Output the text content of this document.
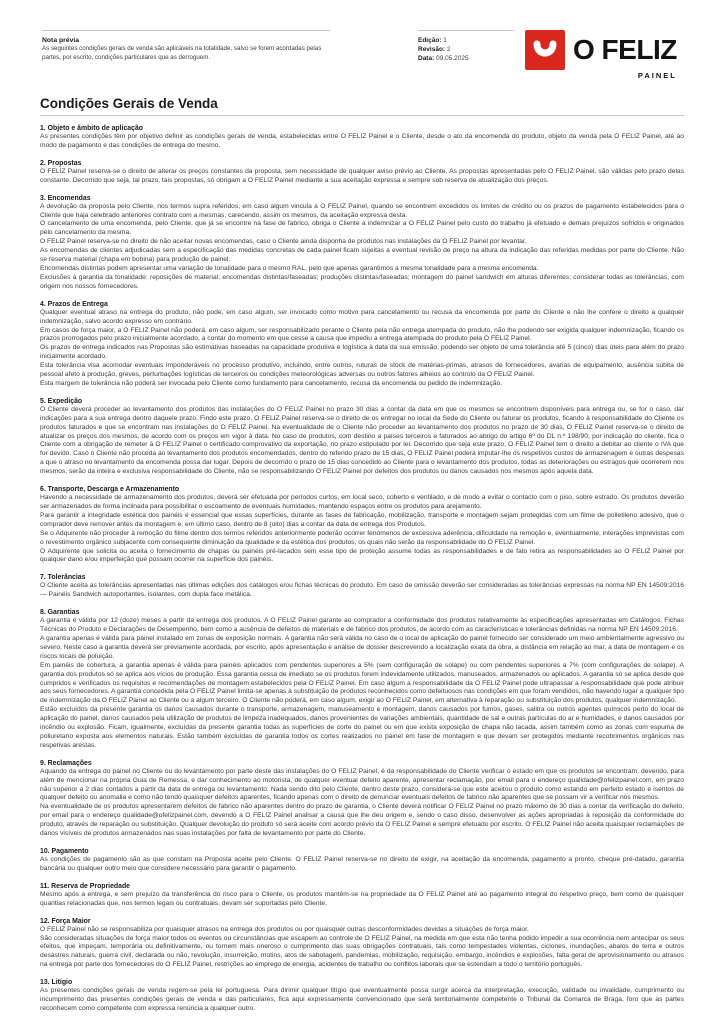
Nota prévia
As seguintes condições gerais de venda são aplicáveis na totalidade, salvo se forem acordadas pelas partes, por escrito, condições particulares que as derroguem.
Edição: 1
Revisão: 2
Data: 09.05.2025	O FELIZ
PAINEL
Condições Gerais de Venda
1. Objeto e âmbito de aplicação

As presentes condições têm por objetivo definir as condições gerais de venda, estabelecidas entre O FELIZ Painel e o Cliente, desde o ato da encomenda do produto, objeto da venda pela O FELIZ Painel, até ao modo de pagamento e das condições de entrega do mesmo.

2. Propostas

O FELIZ Painel reserva-se o direito de alterar os preços constantes da proposta, sem necessidade de qualquer aviso prévio ao Cliente. As propostas apresentadas pelo O FELIZ Painel, são válidas pelo prazo delas constante. Decorrido que seja, tal prazo, tais propostas, só obrigam a O FELIZ Painel mediante a sua aceitação expressa e sempre sob reserva de atualização dos preços.

3. Encomendas

A devolução da proposta pelo Cliente, nos termos supra referidos, em caso algum vincula a O FELIZ Painel, quando se encontrem excedidos os limites de crédito ou os prazos de pagamento estabelecidos para o Cliente que haja celebrado anteriores contrato com a mesmas, carecendo, assim os mesmos, da aceitação expressa desta.

O cancelamento de uma encomenda, pelo Cliente, que já se encontre na fase de fabrico, obriga o Cliente a indemnizar a O FELIZ Painel pelo custo do trabalho já efetuado e demais prejuízos sofridos e originados pelo cancelamento da mesma.

O FELIZ Painel reserva-se no direito de não aceitar novas encomendas, caso o Cliente ainda disponha de produtos nas instalações da O FELIZ Painel por levantar.

As encomendas de clientes adjudicadas sem a especificação das medidas concretas de cada painel ficam sujeitas a eventual revisão de preço na altura da indicação das referidas medidas por parte do Cliente. Não se reserva material (chapa em bobina) para produção de painel.

Encomendas distintas podem apresentar uma variação de tonalidade para o mesmo RAL, pelo que apenas garantimos a mesma tonalidade para a mesma encomenda.

Exclusões à garantia da tonalidade: reposições de material; encomendas distintas/faseadas; produções distintas/faseadas; montagem do painel sandwich em alturas diferentes; considerar todas as tolerâncias, com origem nos nossos fornecedores.

4. Prazos de Entrega

Qualquer eventual atraso na entrega do produto, não pode, em caso algum, ser invocado como motivo para cancelamento ou recusa da encomenda por parte do Cliente e não lhe confere o direito a qualquer indemnização, salvo acordo expresso em contrário.

Em casos de força maior, a O FELIZ Painel não poderá, em caso algum, ser responsabilizado perante o Cliente pela não entrega atempada do produto, não lhe podendo ser exigida qualquer indemnização, ficando os prazos prorrogados pelo prazo inicialmente acordado, a contar do momento em que cesse a causa que impediu a entrega atempada do produto pela O FELIZ Painel.

Os prazos de entrega indicados nas Propostas são estimativas baseadas na capacidade produtiva e logística à data da sua emissão, podendo ser objeto de uma tolerância até 5 (cinco) dias úteis para além do prazo inicialmente acordado.

Esta tolerância visa acomodar eventuais imponderáveis no processo produtivo, incluindo, entre outros, ruturas de stock de matérias-primas, atrasos de fornecedores, avarias de equipamento, ausência súbita de pessoal afeto à produção, greves, perturbações logísticas de terceiros ou condições meteorológicas adversas ou outros fatores alheios ao controlo da O FELIZ Painel.

Esta margem de tolerância não poderá ser invocada pelo Cliente como fundamento para cancelamento, recusa da encomenda ou pedido de indemnização.

5. Expedição

O Cliente deverá proceder ao levantamento dos produtos das instalações do O FELIZ Painel no prazo 30 dias a contar da data em que os mesmos se encontrem disponíveis para entrega ou, se for o caso, dar indicações para a sua entrega dentro daquele prazo. Findo este prazo, O FELIZ Painel reserva-se o direito de os entregar no local da Sede do Cliente ou faturar os produtos, ficando à responsabilidade do Cliente os produtos faturados e que se encontram nas instalações do O FELIZ Painel. Na eventualidade de o Cliente não proceder ao levantamento dos produtos no prazo de 30 dias, O FELIZ Painel reserva-se o direito de atualizar os preços dos mesmos, de acordo com os preços em vigor à data. No caso de produtos, com destino a países terceiros e faturados ao abrigo do artigo 6º do DL n.º 198/90, por indicação do cliente, fica o Cliente com a obrigação de remeter à O FELIZ Painel o certificado comprovativo da exportação, no prazo estipulado por lei. Decorrido que seja este prazo, O FELIZ Painel tem o direito a debitar ao cliente o IVA que for devido. Caso o Cliente não proceda ao levantamento dos produtos encomendados, dentro do referido prazo de 15 dias, O FELIZ Painel poderá imputar-lhe os respetivos custos de armazenagem e outras despesas a que o atraso no levantamento da encomenda possa dar lugar. Depois de decorrido o prazo de 15 dias concedido ao Cliente para o levantamento dos produtos, todas as deteriorações ou estragos que ocorrerem nos mesmos, serão da inteira e exclusiva responsabilidade do Cliente, não se responsabilizando O FELIZ Painel por defeitos dos produtos ou danos causados nos mesmos após aquela data.

6. Transporte, Descarga e Armazenamento

Havendo a necessidade de armazenamento dos produtos, deverá ser efetuada por períodos curtos, em local seco, coberto e ventilado, e de modo a evitar o contacto com o piso, sobre estrado. Os produtos deverão ser armazenados de forma inclinada para possibilitar o escoamento de eventuais humidades, mantendo espaços entre os produtos para arejamento.

Para garantir a integridade estética dos painéis é essencial que essas superfícies, durante as fases de fabricação, mobilização, transporte e montagem sejam protegidas com um filme de polietileno adesivo, que o comprador deve remover antes da montagem e, em último caso, dentro de 8 (oito) dias a contar da data de entrega dos Produtos.

Se o Adquirente não proceder à remoção do filme dentro dos termos referidos anteriormente poderão ocorrer fenómenos de excessiva aderência, dificuldade na remoção e, eventualmente, interações imprevistas com o revestimento orgânico subjacente com consequente diminuição da qualidade e da estética dos produtos, os quais não serão da responsabilidade do O FELIZ Painel.

O Adquirente que solicita ou aceita o fornecimento de chapas ou painéis pré-lacados sem esse tipo de proteção assume todas as responsabilidades e de fato retira as responsabilidades ao O FELIZ Painel por qualquer dano e/ou imperfeição que possam ocorrer na superfície dos painéis.

7. Tolerâncias

O Cliente aceita as tolerâncias apresentadas nas últimas edições dos catálogos e/ou fichas técnicas do produto. Em caso de omissão deverão ser consideradas as tolerâncias expressas na norma NP EN 14509:2016 — Painéis Sandwich autoportantes, isolantes, com dupla face metálica.

8. Garantias

A garantia é válida por 12 (doze) meses a partir da entrega dos produtos. A O FELIZ Painel garante ao comprador a conformidade dos produtos relativamente às especificações apresentadas em Catálogos, Fichas Técnicas do Produto e Declarações de Desempenho, bem como a ausência de defeitos de materiais e de fabrico dos produtos, de acordo com as características e tolerâncias definidas na norma NP EN 14509:2016.

A garantia apenas é válida para painel instalado em zonas de exposição normais. A garantia não será válida no caso de o local de aplicação do painel fornecido ser considerado um meio ambientalmente agressivo ou severo. Neste caso a garantia deverá ser previamente acordada, por escrito, após apresentação e análise de dossier descrevendo a localização exata da obra, a distância em relação ao mar, a data de montagem e os riscos locais de poluição.

Em painéis de cobertura, a garantia apenas é válida para painéis aplicados com pendentes superiores a 5% (sem configuração de solape) ou com pendentes superiores a 7% (com configurações de solape). A garantia dos produtos só se aplica aos vícios de produção. Essa garantia cessa de imediato se os produtos forem indevidamente utilizados, manuseados, armazenados ou aplicados. A garantia só se aplica desde que cumpridos e verificados os requisitos e recomendações de montagem estabelecidos pela O FELIZ Painel. Em caso algum a responsabilidade da O FELIZ Painel pode ultrapassar a responsabilidade que pode atribuir aos seus fornecedores. A garantia concedida pela O FELIZ Painel limita-se apenas à substituição de produtos reconhecidos como defeituosos nas condições em que foram vendidos, não havendo lugar a qualquer tipo de indemnização da O FELIZ Painel ao Cliente ou a algum terceiro. O Cliente não poderá, em caso algum, exigir ao O FELIZ Painel, em alternativa à reparação ou substituição dos produtos, qualquer indemnização.

Estão excluídos da presente garantia os danos causados durante o transporte, armazenagem, manuseamento e montagem, danos causados por fumos, gases, salitra ou outros agentes químicos perto do local de aplicação do painel, danos causados pela utilização de produtos de limpeza inadequados, danos provenientes de variações ambientais, quantidade de sal e outras partículas do ar e humidades, e danos causados por incêndio ou explosão. Ficam, igualmente, excluídas da presente garantia todas as superfícies de corte do painel ou em que exista exposição de chapa não lacada, assim também como as zonas com espuma de poliuretano exposta aos elementos naturais. Estão também excluídas de garantia todos os cortes realizados no painel em fase de montagem e que devam ser protegidos mediante recobrimentos orgânicos nas respetivas arestas.

9. Reclamações

Aquando da entrega do painel no Cliente ou do levantamento por parte deste das instalações do O FELIZ Painel, é da responsabilidade do Cliente verificar o estado em que os produtos se encontram, devendo, para além de mencionar na própria Guia de Remessa, e dar conhecimento ao motorista, de qualquer eventual defeito aparente, apresentar reclamação, por email para o endereço qualidade@ofelizpainel.com, em prazo não superior a 2 dias contados a partir da data de entrega ou levantamento. Nada sendo dito pelo Cliente, dentro deste prazo, considera-se que este aceitou o produto como estando em perfeito estado e isentos de qualquer defeito ou anomalia e como não tendo quaisquer defeitos aparentes, ficando apenas com o direito de denunciar eventuais defeitos de fabrico não aparentes que se possam vir a verificar nos mesmos.

Na eventualidade de os produtos apresentarem defeitos de fabrico não aparentes dentro do prazo de garantia, o Cliente deverá notificar O FELIZ Painel no prazo máximo de 30 dias a contar da verificação do defeito, por email para o endereço qualidade@ofelizpainel.com, devendo a O FELIZ Painel analisar a causa que lhe deu origem e, sendo o caso disso, desenvolver as ações apropriadas à reposição da conformidade do produto, através de reparação ou substituição. Qualquer devolução do produto só será aceite com acordo prévio da O FELIZ Painel e sempre efetuado por escrito. O FELIZ Painel não aceita quaisquer reclamações de danos visíveis de produtos armazenados nas suas instalações por falta de levantamento por parte do Cliente.

10. Pagamento

As condições de pagamento são as que constam na Proposta aceite pelo Cliente. O FELIZ Painel reserva-se no direito de exigir, na aceitação da encomenda, pagamento a pronto, cheque pré-datado, garantia bancária ou qualquer outro meio que considere necessário para garantir o pagamento.

11. Reserva de Propriedade

Mesmo após a entrega, e sem prejuízo da transferência do risco para o Cliente, os produtos mantêm-se na propriedade da O FELIZ Painel até ao pagamento integral do respetivo preço, bem como de quaisquer quantias relacionadas que, nos termos legais ou contratuais, devam ser suportadas pelo Cliente.

12. Força Maior

O FELIZ Painel não se responsabiliza por quaisquer atrasos na entrega dos produtos ou por quaisquer outras desconformidades devidas a situações de força maior.

São consideradas situações de força maior todos os eventos ou circunstâncias que escapem ao controle de O FELIZ Painel, na medida em que esta não tenha podido impedir a sua ocorrência nem antecipar os seus efeitos, que impeçam, temporária ou definitivamente, ou tornem mais oneroso o cumprimento das suas obrigações contratuais, tais como tempestades violentas, ciclones, inundações, abalos de terra e outros desastres naturais, guerra civil, declarada ou não, revolução, insurreição, motins, atos de sabotagem, pandemias, mobilização, requisição, embargo, incêndios e explosões, falta geral de aprovisionamento ou atrasos na entrega por parte dos fornecedores do O FELIZ Painel, restrições ao emprego de energia, acidentes de trabalho ou conflitos laborais que se estendam a todo o território português.

13. Litígio

As presentes condições gerais de venda regem-se pela lei portuguesa. Para dirimir qualquer litígio que eventualmente possa surgir acerca da interpretação, execução, validade ou invalidade, cumprimento ou incumprimento das presentes condições gerais de venda e das particulares, fica aqui expressamente convencionado que será territorialmente competente o Tribunal da Comarca de Braga, foro que as partes reconhecem como competente com expressa renúncia a qualquer outro.
